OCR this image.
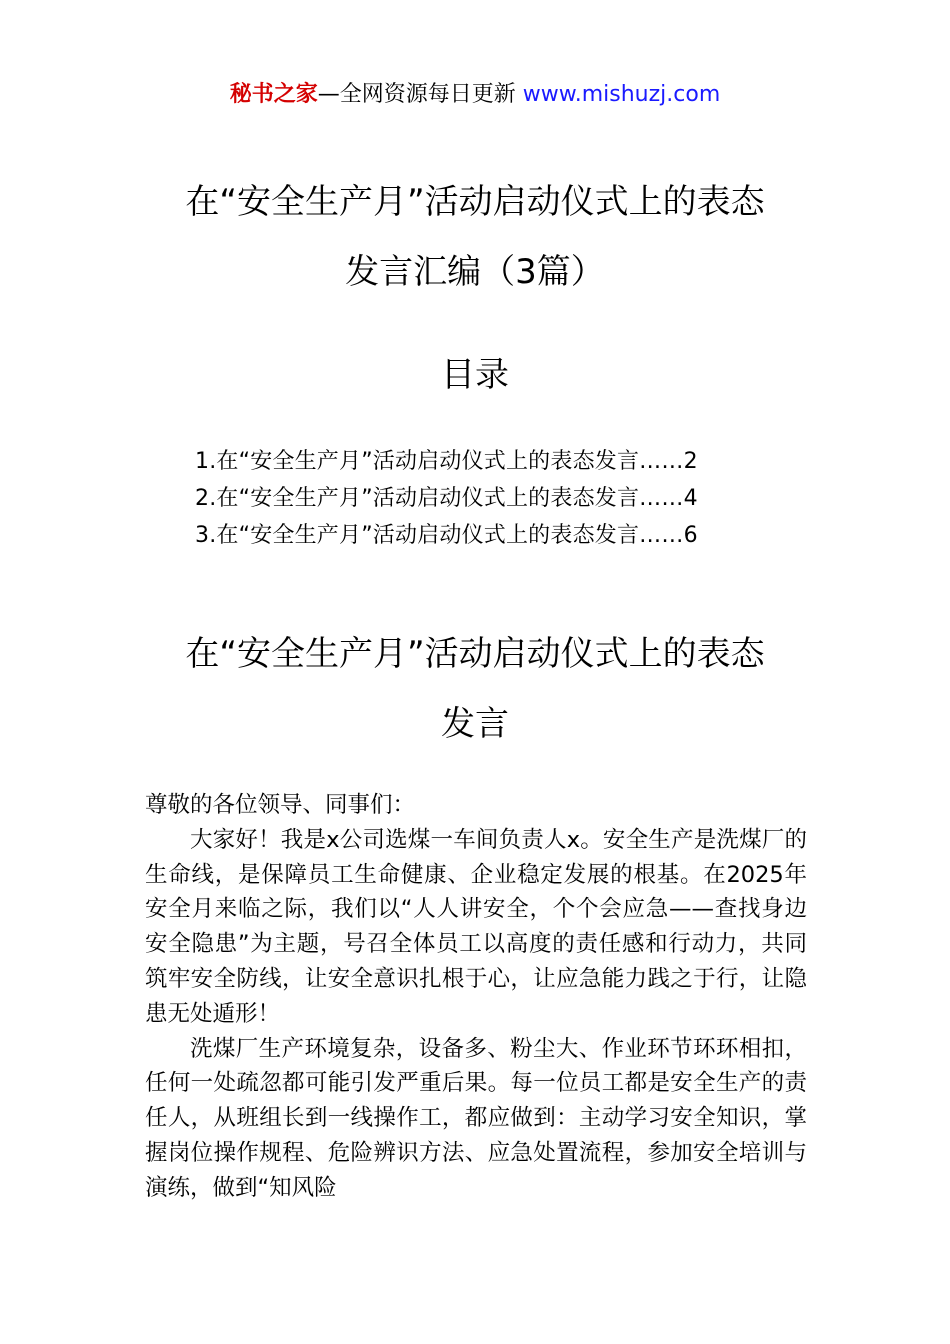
秘书之家—全网资源每日更新 www.mishuzj.com
在“安全生产月”活动启动仪式上的表态
发言汇编（3篇）
目录
1.在“安全生产月”活动启动仪式上的表态发言……2
2.在“安全生产月”活动启动仪式上的表态发言……4
3.在“安全生产月”活动启动仪式上的表态发言……6
在“安全生产月”活动启动仪式上的表态
发言

尊敬的各位领导、同事们：

大家好！我是x公司选煤一车间负责人x。安全生产是洗煤厂的生命线，是保障员工生命健康、企业稳定发展的根基。在2025年安全月来临之际，我们以“人人讲安全，个个会应急——查找身边安全隐患”为主题，号召全体员工以高度的责任感和行动力，共同筑牢安全防线，让安全意识扎根于心，让应急能力践之于行，让隐患无处遁形！

洗煤厂生产环境复杂，设备多、粉尘大、作业环节环环相扣，任何一处疏忽都可能引发严重后果。每一位员工都是安全生产的责任人，从班组长到一线操作工，都应做到：主动学习安全知识，掌握岗位操作规程、危险辨识方法、应急处置流程，参加安全培训与演练，做到“知风险
